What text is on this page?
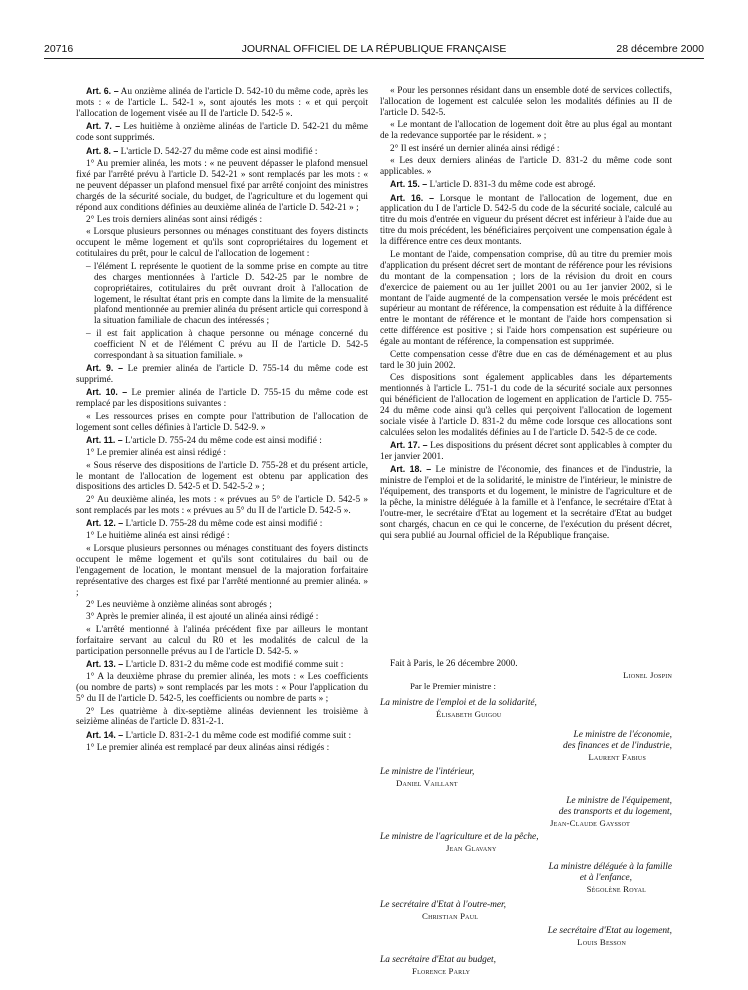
20716	JOURNAL OFFICIEL DE LA RÉPUBLIQUE FRANÇAISE	28 décembre 2000

Art. 6. – Au onzième alinéa de l'article D. 542-10 du même code, après les mots : « de l'article L. 542-1 », sont ajoutés les mots : « et qui perçoit l'allocation de logement visée au II de l'article D. 542-5 ».

Art. 7. – Les huitième à onzième alinéas de l'article D. 542-21 du même code sont supprimés.

Art. 8. – L'article D. 542-27 du même code est ainsi modifié :

1° Au premier alinéa, les mots : « ne peuvent dépasser le plafond mensuel fixé par l'arrêté prévu à l'article D. 542-21 » sont remplacés par les mots : « ne peuvent dépasser un plafond mensuel fixé par arrêté conjoint des ministres chargés de la sécurité sociale, du budget, de l'agriculture et du logement qui répond aux conditions définies au deuxième alinéa de l'article D. 542-21 » ;

2° Les trois derniers alinéas sont ainsi rédigés :

« Lorsque plusieurs personnes ou ménages constituant des foyers distincts occupent le même logement et qu'ils sont copropriétaires du logement et cotitulaires du prêt, pour le calcul de l'allocation de logement :

– l'élément L représente le quotient de la somme prise en compte au titre des charges mentionnées à l'article D. 542-25 par le nombre de copropriétaires, cotitulaires du prêt ouvrant droit à l'allocation de logement, le résultat étant pris en compte dans la limite de la mensualité plafond mentionnée au premier alinéa du présent article qui correspond à la situation familiale de chacun des intéressés ;

– il est fait application à chaque personne ou ménage concerné du coefficient N et de l'élément C prévu au II de l'article D. 542-5 correspondant à sa situation familiale. »

Art. 9. – Le premier alinéa de l'article D. 755-14 du même code est supprimé.

Art. 10. – Le premier alinéa de l'article D. 755-15 du même code est remplacé par les dispositions suivantes :

« Les ressources prises en compte pour l'attribution de l'allocation de logement sont celles définies à l'article D. 542-9. »

Art. 11. – L'article D. 755-24 du même code est ainsi modifié :

1° Le premier alinéa est ainsi rédigé :

« Sous réserve des dispositions de l'article D. 755-28 et du présent article, le montant de l'allocation de logement est obtenu par application des dispositions des articles D. 542-5 et D. 542-5-2 » ;

2° Au deuxième alinéa, les mots : « prévues au 5° de l'article D. 542-5 » sont remplacés par les mots : « prévues au 5° du II de l'article D. 542-5 ».

Art. 12. – L'article D. 755-28 du même code est ainsi modifié :

1° Le huitième alinéa est ainsi rédigé :

« Lorsque plusieurs personnes ou ménages constituant des foyers distincts occupent le même logement et qu'ils sont cotitulaires du bail ou de l'engagement de location, le montant mensuel de la majoration forfaitaire représentative des charges est fixé par l'arrêté mentionné au premier alinéa. » ;

2° Les neuvième à onzième alinéas sont abrogés ;

3° Après le premier alinéa, il est ajouté un alinéa ainsi rédigé :

« L'arrêté mentionné à l'alinéa précédent fixe par ailleurs le montant forfaitaire servant au calcul du R0 et les modalités de calcul de la participation personnelle prévus au I de l'article D. 542-5. »

Art. 13. – L'article D. 831-2 du même code est modifié comme suit :

1° A la deuxième phrase du premier alinéa, les mots : « Les coefficients (ou nombre de parts) » sont remplacés par les mots : « Pour l'application du 5° du II de l'article D. 542-5, les coefficients ou nombre de parts » ;

2° Les quatrième à dix-septième alinéas deviennent les troisième à seizième alinéas de l'article D. 831-2-1.

Art. 14. – L'article D. 831-2-1 du même code est modifié comme suit :

1° Le premier alinéa est remplacé par deux alinéas ainsi rédigés :

« Pour les personnes résidant dans un ensemble doté de services collectifs, l'allocation de logement est calculée selon les modalités définies au II de l'article D. 542-5.

« Le montant de l'allocation de logement doit être au plus égal au montant de la redevance supportée par le résident. » ;

2° Il est inséré un dernier alinéa ainsi rédigé :

« Les deux derniers alinéas de l'article D. 831-2 du même code sont applicables. »

Art. 15. – L'article D. 831-3 du même code est abrogé.

Art. 16. – Lorsque le montant de l'allocation de logement, due en application du I de l'article D. 542-5 du code de la sécurité sociale, calculé au titre du mois d'entrée en vigueur du présent décret est inférieur à l'aide due au titre du mois précédent, les bénéficiaires perçoivent une compensation égale à la différence entre ces deux montants.

Le montant de l'aide, compensation comprise, dû au titre du premier mois d'application du présent décret sert de montant de référence pour les révisions du montant de la compensation ; lors de la révision du droit en cours d'exercice de paiement ou au 1er juillet 2001 ou au 1er janvier 2002, si le montant de l'aide augmenté de la compensation versée le mois précédent est supérieur au montant de référence, la compensation est réduite à la différence entre le montant de référence et le montant de l'aide hors compensation si cette différence est positive ; si l'aide hors compensation est supérieure ou égale au montant de référence, la compensation est supprimée.

Cette compensation cesse d'être due en cas de déménagement et au plus tard le 30 juin 2002.

Ces dispositions sont également applicables dans les départements mentionnés à l'article L. 751-1 du code de la sécurité sociale aux personnes qui bénéficient de l'allocation de logement en application de l'article D. 755-24 du même code ainsi qu'à celles qui perçoivent l'allocation de logement sociale visée à l'article D. 831-2 du même code lorsque ces allocations sont calculées selon les modalités définies au I de l'article D. 542-5 de ce code.

Art. 17. – Les dispositions du présent décret sont applicables à compter du 1er janvier 2001.

Art. 18. – Le ministre de l'économie, des finances et de l'industrie, la ministre de l'emploi et de la solidarité, le ministre de l'intérieur, le ministre de l'équipement, des transports et du logement, le ministre de l'agriculture et de la pêche, la ministre déléguée à la famille et à l'enfance, le secrétaire d'Etat à l'outre-mer, le secrétaire d'Etat au logement et la secrétaire d'Etat au budget sont chargés, chacun en ce qui le concerne, de l'exécution du présent décret, qui sera publié au Journal officiel de la République française.

Fait à Paris, le 26 décembre 2000.
Lionel Jospin
Par le Premier ministre :
La ministre de l'emploi et de la solidarité,
Élisabeth Guigou
Le ministre de l'économie,
des finances et de l'industrie,
Laurent Fabius
Le ministre de l'intérieur,
Daniel Vaillant
Le ministre de l'équipement,
des transports et du logement,
Jean-Claude Gayssot
Le ministre de l'agriculture et de la pêche,
Jean Glavany
La ministre déléguée à la famille
et à l'enfance,
Ségolène Royal
Le secrétaire d'Etat à l'outre-mer,
Christian Paul
Le secrétaire d'Etat au logement,
Louis Besson
La secrétaire d'Etat au budget,
Florence Parly
